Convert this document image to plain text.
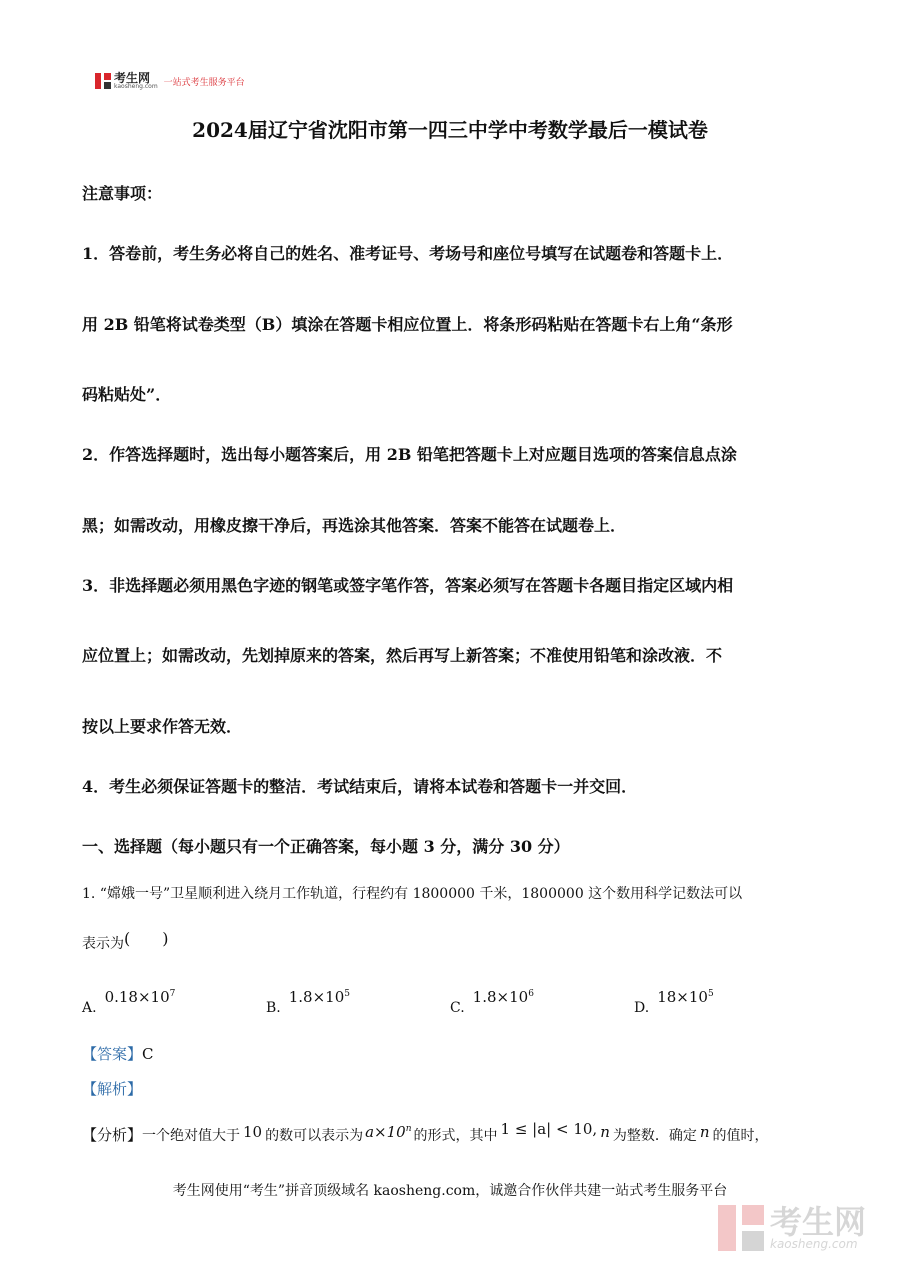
考生网
kaosheng.com 一站式考生服务平台
2024届辽宁省沈阳市第一四三中学中考数学最后一模试卷
注意事项：
1．答卷前，考生务必将自己的姓名、准考证号、考场号和座位号填写在试题卷和答题卡上．
用 2B 铅笔将试卷类型（B）填涂在答题卡相应位置上．将条形码粘贴在答题卡右上角“条形
码粘贴处”．
2．作答选择题时，选出每小题答案后，用 2B 铅笔把答题卡上对应题目选项的答案信息点涂
黑；如需改动，用橡皮擦干净后，再选涂其他答案．答案不能答在试题卷上．
3．非选择题必须用黑色字迹的钢笔或签字笔作答，答案必须写在答题卡各题目指定区域内相
应位置上；如需改动，先划掉原来的答案，然后再写上新答案；不准使用铅笔和涂改液．不
按以上要求作答无效．
4．考生必须保证答题卡的整洁．考试结束后，请将本试卷和答题卡一并交回．
一、选择题（每小题只有一个正确答案，每小题 3 分，满分 30 分）
1. “嫦娥一号”卫星顺利进入绕月工作轨道，行程约有 1800000 千米，1800000 这个数用科学记数法可以
表示为(　　)
$A.0.18\times 10^7$
$B.1.8\times 10^5$
$C.1.8\times 10^6$
$D.18\times 10^5$
【答案】C
【解析】
【分析】一个绝对值大于 10 的数可以表示为 $a\times 10^n$ 的形式，其中 1 ≤ |a| < 10, n 为整数．确定 n 的值时，
考生网使用“考生”拼音顶级域名 kaosheng.com，诚邀合作伙伴共建一站式考生服务平台
考生网
kaosheng.com
